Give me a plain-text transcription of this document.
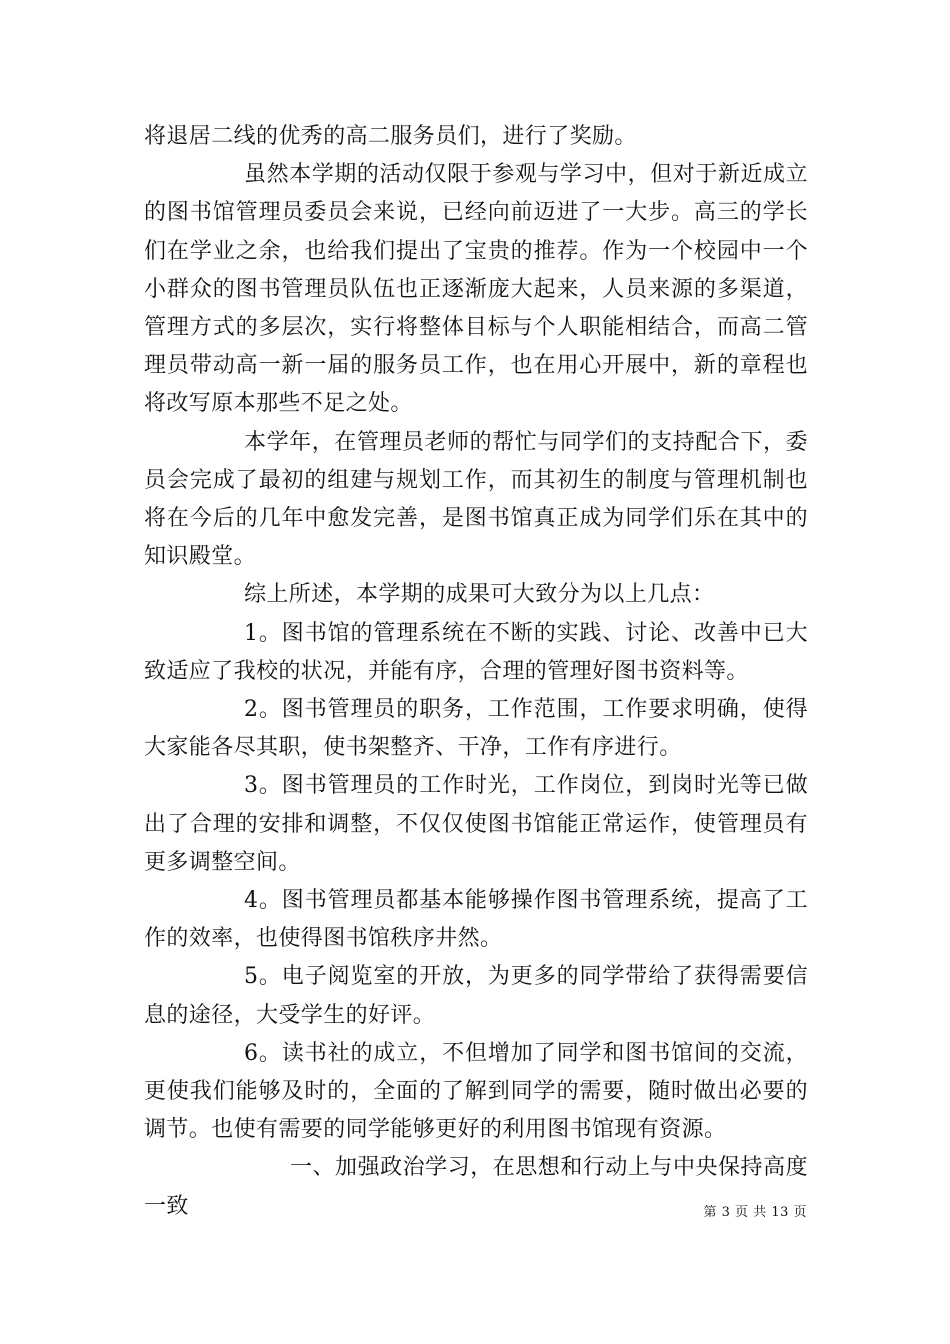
将退居二线的优秀的高二服务员们，进行了奖励。

虽然本学期的活动仅限于参观与学习中，但对于新近成立的图书馆管理员委员会来说，已经向前迈进了一大步。高三的学长们在学业之余，也给我们提出了宝贵的推荐。作为一个校园中一个小群众的图书管理员队伍也正逐渐庞大起来，人员来源的多渠道，管理方式的多层次，实行将整体目标与个人职能相结合，而高二管理员带动高一新一届的服务员工作，也在用心开展中，新的章程也将改写原本那些不足之处。

本学年，在管理员老师的帮忙与同学们的支持配合下，委员会完成了最初的组建与规划工作，而其初生的制度与管理机制也将在今后的几年中愈发完善，是图书馆真正成为同学们乐在其中的知识殿堂。

综上所述，本学期的成果可大致分为以上几点：

1。图书馆的管理系统在不断的实践、讨论、改善中已大致适应了我校的状况，并能有序，合理的管理好图书资料等。

2。图书管理员的职务，工作范围，工作要求明确，使得大家能各尽其职，使书架整齐、干净，工作有序进行。

3。图书管理员的工作时光，工作岗位，到岗时光等已做出了合理的安排和调整，不仅仅使图书馆能正常运作，使管理员有更多调整空间。

4。图书管理员都基本能够操作图书管理系统，提高了工作的效率，也使得图书馆秩序井然。

5。电子阅览室的开放，为更多的同学带给了获得需要信息的途径，大受学生的好评。

6。读书社的成立，不但增加了同学和图书馆间的交流，更使我们能够及时的，全面的了解到同学的需要，随时做出必要的调节。也使有需要的同学能够更好的利用图书馆现有资源。

一、加强政治学习，在思想和行动上与中央保持高度一致	第 3 页 共 13 页
